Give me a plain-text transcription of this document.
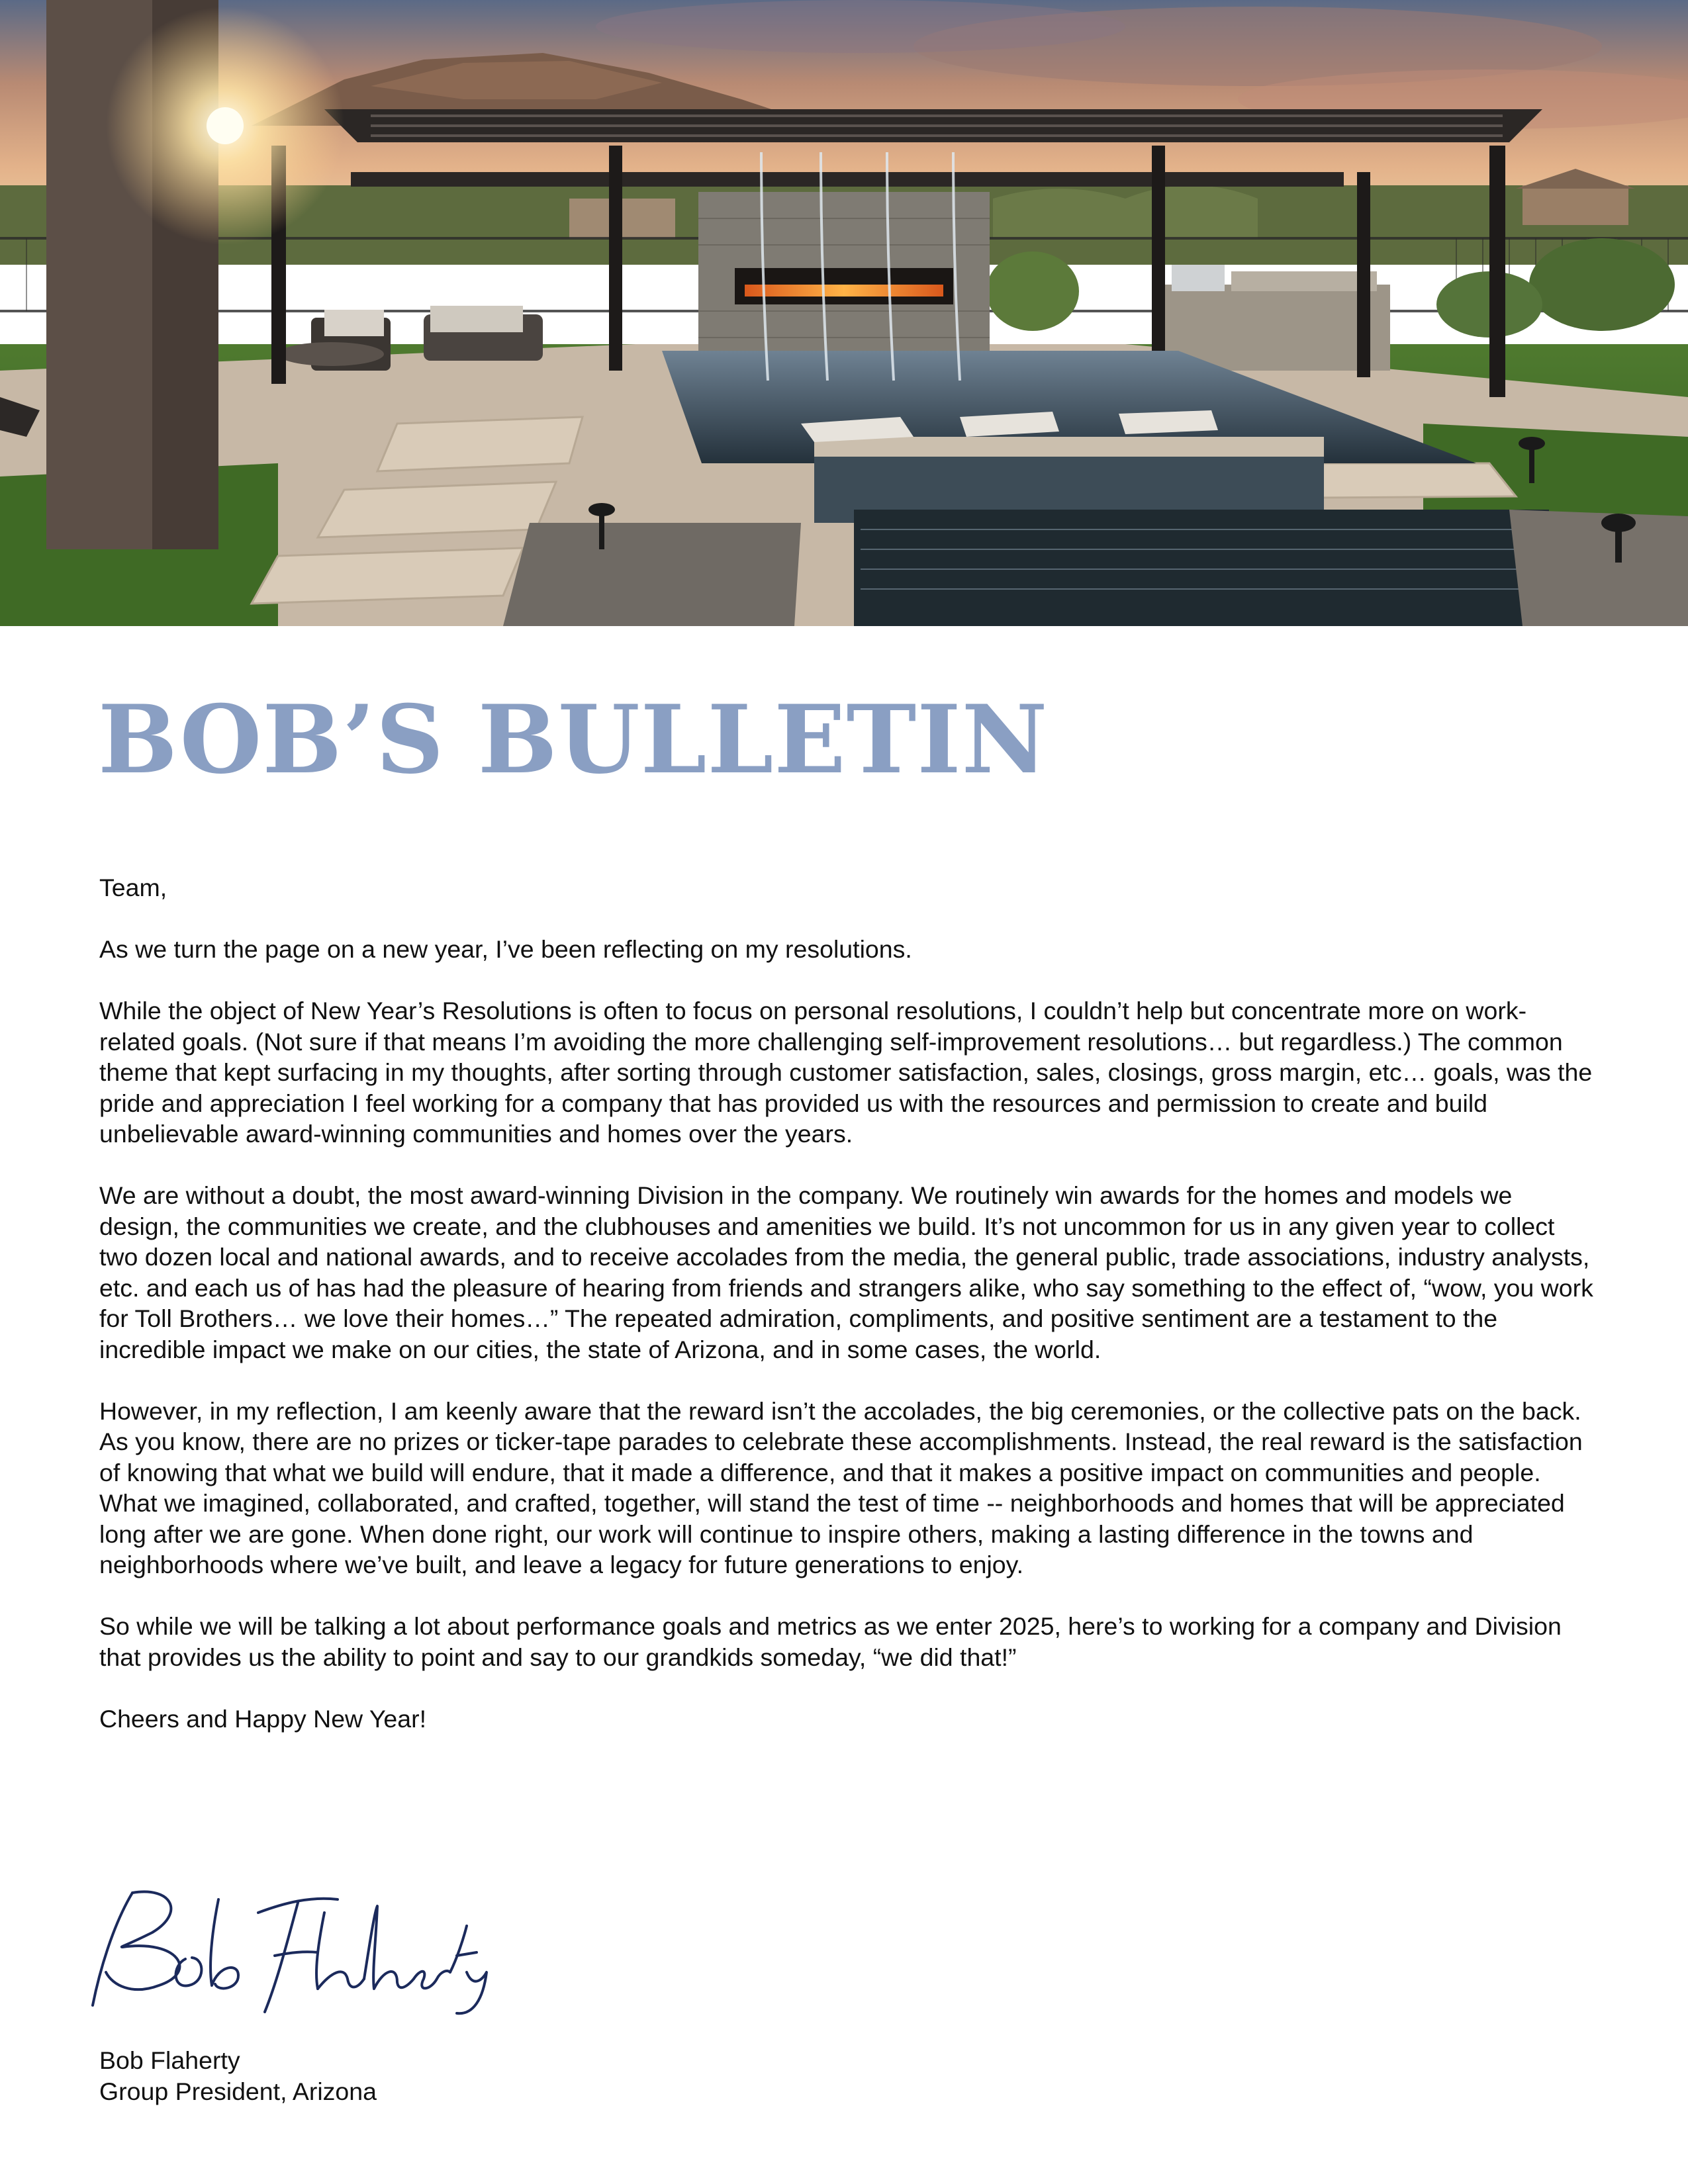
BOB’S BULLETIN

Team,

As we turn the page on a new year, I’ve been reflecting on my resolutions.

While the object of New Year’s Resolutions is often to focus on personal resolutions, I couldn’t help but concentrate more on work-related goals. (Not sure if that means I’m avoiding the more challenging self-improvement resolutions… but regardless.) The common theme that kept surfacing in my thoughts, after sorting through customer satisfaction, sales, closings, gross margin, etc… goals, was the pride and appreciation I feel working for a company that has provided us with the resources and permission to create and build unbelievable award-winning communities and homes over the years.

We are without a doubt, the most award-winning Division in the company. We routinely win awards for the homes and models we design, the communities we create, and the clubhouses and amenities we build. It’s not uncommon for us in any given year to collect two dozen local and national awards, and to receive accolades from the media, the general public, trade associations, industry analysts, etc. and each us of has had the pleasure of hearing from friends and strangers alike, who say something to the effect of, “wow, you work for Toll Brothers… we love their homes…” The repeated admiration, compliments, and positive sentiment are a testament to the incredible impact we make on our cities, the state of Arizona, and in some cases, the world.

However, in my reflection, I am keenly aware that the reward isn’t the accolades, the big ceremonies, or the collective pats on the back. As you know, there are no prizes or ticker-tape parades to celebrate these accomplishments. Instead, the real reward is the satisfaction of knowing that what we build will endure, that it made a difference, and that it makes a positive impact on communities and people. What we imagined, collaborated, and crafted, together, will stand the test of time -- neighborhoods and homes that will be appreciated long after we are gone. When done right, our work will continue to inspire others, making a lasting difference in the towns and neighborhoods where we’ve built, and leave a legacy for future generations to enjoy.

So while we will be talking a lot about performance goals and metrics as we enter 2025, here’s to working for a company and Division that provides us the ability to point and say to our grandkids someday, “we did that!”

Cheers and Happy New Year!

Bob Flaherty
Group President, Arizona
